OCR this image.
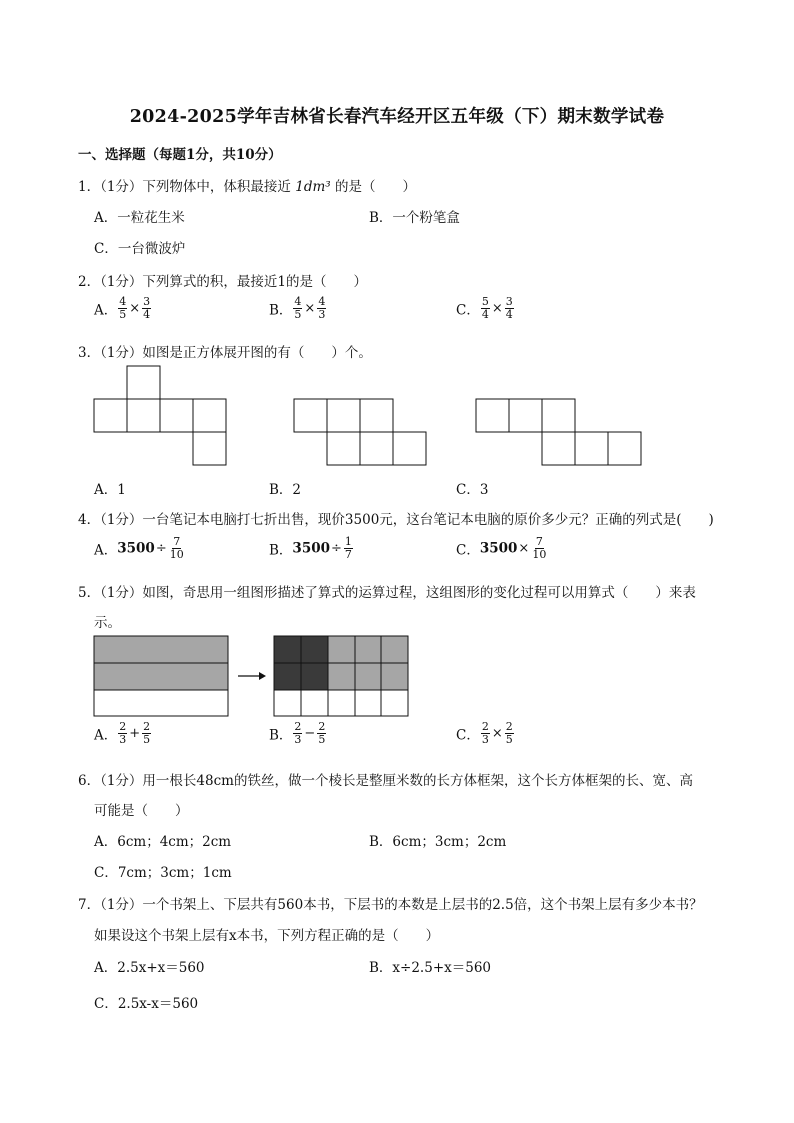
2024-2025学年吉林省长春汽车经开区五年级（下）期末数学试卷
一、选择题（每题1分，共10分）
1．（1分）下列物体中，体积最接近 1dm³ 的是（　　）
A．一粒花生米	B．一个粉笔盒
C．一台微波炉
2．（1分）下列算式的积，最接近1的是（　　）
A． $\frac{4}{5} \times \frac{3}{4}$	B． $\frac{4}{5} \times \frac{4}{3}$	C． $\frac{5}{4} \times \frac{3}{4}$
3．（1分）如图是正方体展开图的有（　　）个。
A．1	B．2	C．3
4．（1分）一台笔记本电脑打七折出售，现价3500元，这台笔记本电脑的原价多少元？正确的列式是(　　)
A．$3500\div \frac{7}{10}$	B．$3500\div \frac{1}{7}$	C．$3500\times \frac{7}{10}$
5．（1分）如图，奇思用一组图形描述了算式的运算过程，这组图形的变化过程可以用算式（　　）来表
示。
A． $\frac{2}{3} + \frac{2}{5}$	B． $\frac{2}{3} - \frac{2}{5}$	C． $\frac{2}{3} \times \frac{2}{5}$
6．（1分）用一根长48cm的铁丝，做一个棱长是整厘米数的长方体框架，这个长方体框架的长、宽、高
可能是（　　）
A．6cm；4cm；2cm	B．6cm；3cm；2cm
C．7cm；3cm；1cm
7．（1分）一个书架上、下层共有560本书，下层书的本数是上层书的2.5倍，这个书架上层有多少本书？
如果设这个书架上层有x本书，下列方程正确的是（　　）
A．2.5x+x＝560	B．x÷2.5+x＝560
C．2.5x-x＝560
